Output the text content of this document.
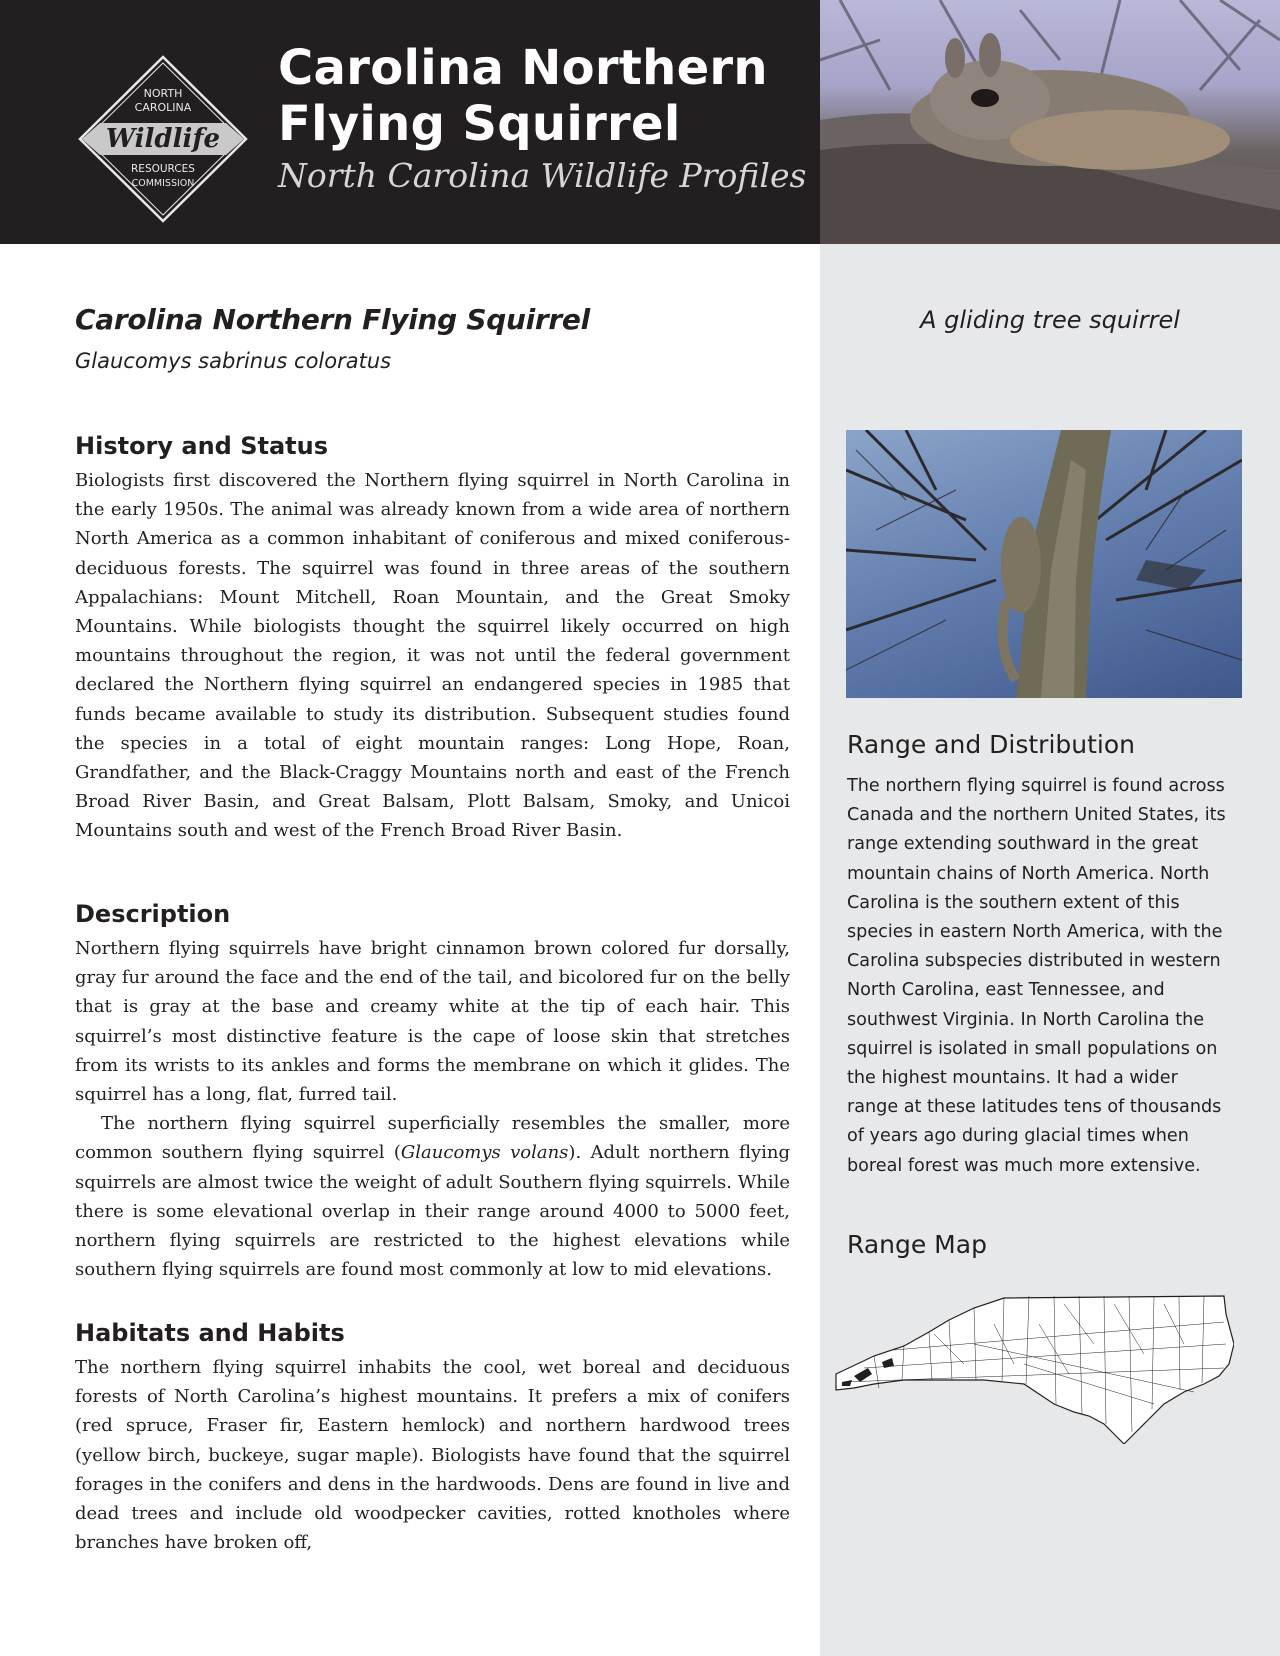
NORTH
CAROLINA
Wildlife
RESOURCES
COMMISSION
Carolina Northern
Flying Squirrel
North Carolina Wildlife Profiles
A gliding tree squirrel
Range and Distribution

The northern flying squirrel is found across Canada and the northern United States, its range extending southward in the great mountain chains of North America. North Carolina is the southern extent of this species in eastern North America, with the Carolina subspecies distributed in western North Carolina, east Tennessee, and southwest Virginia. In North Carolina the squirrel is isolated in small populations on the highest mountains. It had a wider range at these latitudes tens of thousands of years ago during glacial times when boreal forest was much more extensive.

Range Map
Carolina Northern Flying Squirrel
Glaucomys sabrinus coloratus
History and Status

Biologists first discovered the Northern flying squirrel in North Carolina in the early 1950s. The animal was already known from a wide area of northern North America as a common inhabitant of coniferous and mixed coniferous-deciduous forests. The squirrel was found in three areas of the southern Appalachians: Mount Mitchell, Roan Mountain, and the Great Smoky Mountains. While biologists thought the squirrel likely occurred on high mountains throughout the region, it was not until the federal government declared the Northern flying squirrel an endangered species in 1985 that funds became available to study its distribution. Subsequent studies found the species in a total of eight mountain ranges: Long Hope, Roan, Grandfather, and the Black-Craggy Mountains north and east of the French Broad River Basin, and Great Balsam, Plott Balsam, Smoky, and Unicoi Mountains south and west of the French Broad River Basin.

Description

Northern flying squirrels have bright cinnamon brown colored fur dorsally, gray fur around the face and the end of the tail, and bicolored fur on the belly that is gray at the base and creamy white at the tip of each hair. This squirrel’s most distinctive feature is the cape of loose skin that stretches from its wrists to its ankles and forms the membrane on which it glides. The squirrel has a long, flat, furred tail.

The northern flying squirrel superficially resembles the smaller, more common southern flying squirrel (Glaucomys volans). Adult northern flying squirrels are almost twice the weight of adult Southern flying squirrels. While there is some elevational overlap in their range around 4000 to 5000 feet, northern flying squirrels are restricted to the highest elevations while southern flying squirrels are found most commonly at low to mid elevations.

Habitats and Habits

The northern flying squirrel inhabits the cool, wet boreal and deciduous forests of North Carolina’s highest mountains. It prefers a mix of conifers (red spruce, Fraser fir, Eastern hemlock) and northern hardwood trees (yellow birch, buckeye, sugar maple). Biologists have found that the squirrel forages in the conifers and dens in the hardwoods. Dens are found in live and dead trees and include old woodpecker cavities, rotted knotholes where branches have broken off,
